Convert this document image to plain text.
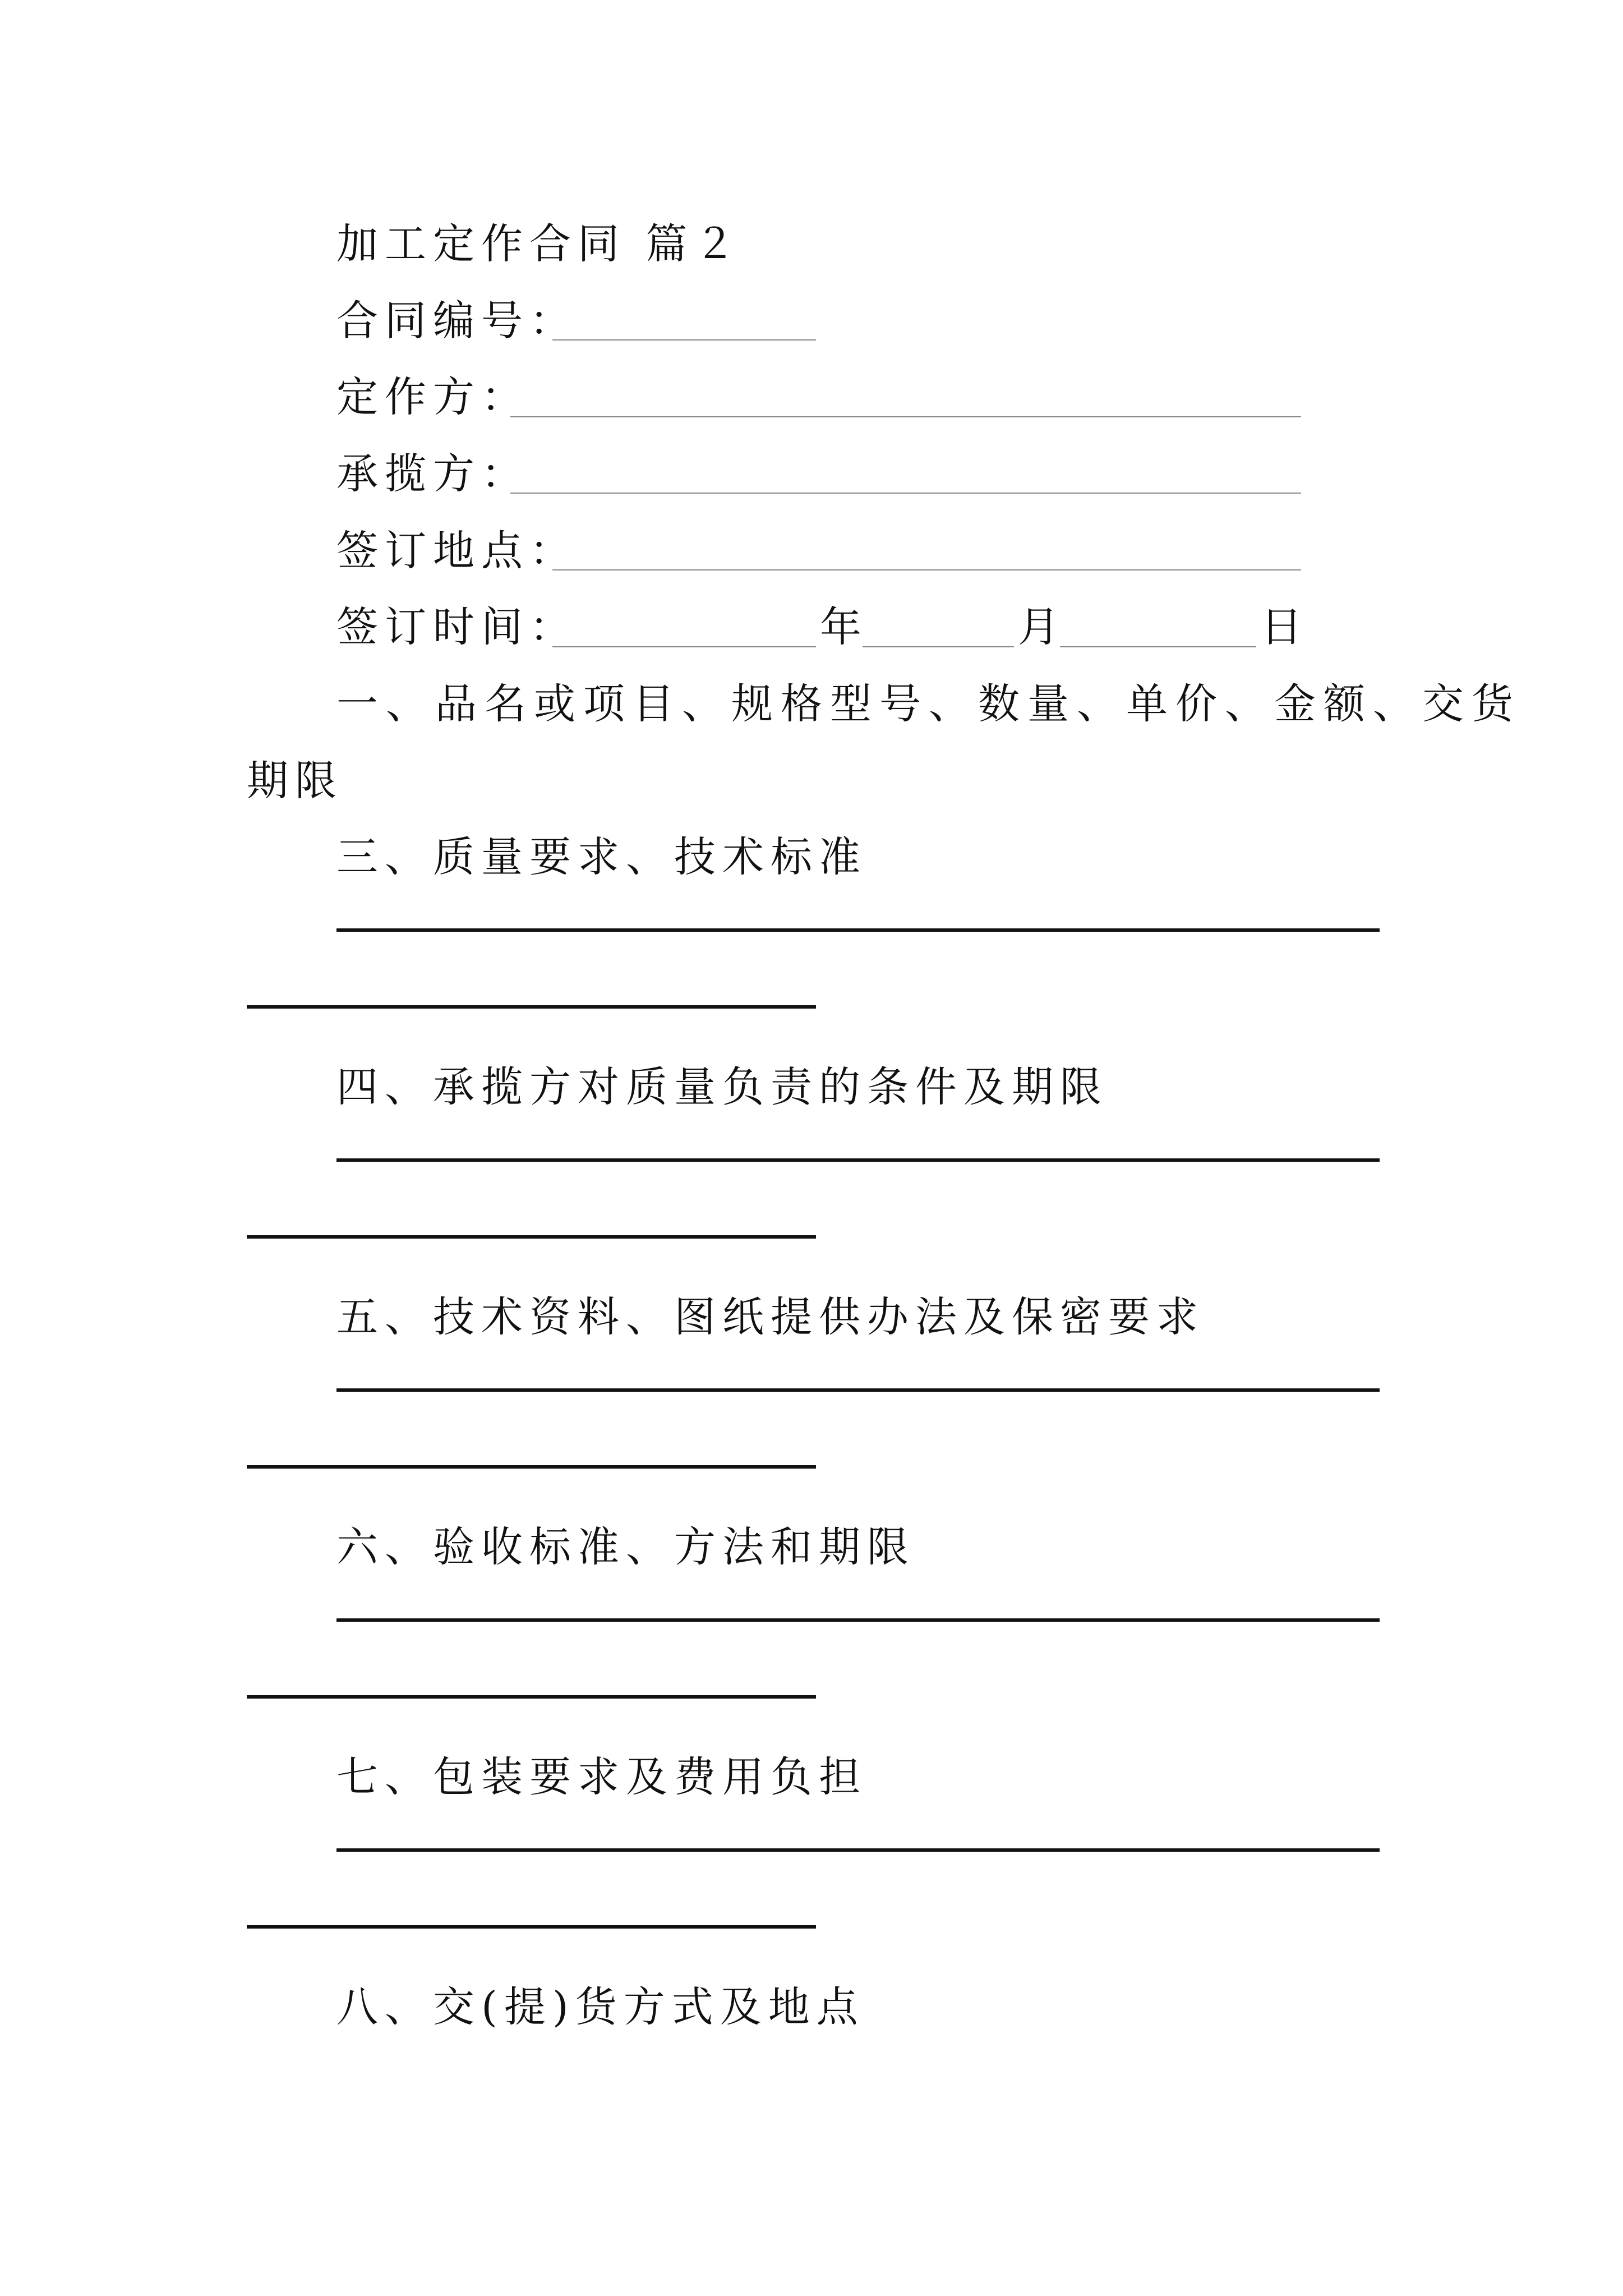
加工定作合同 篇２
合同编号：
定作方：
承揽方：
签订地点：
签订时间：	年	月	日
一、品名或项目、规格型号、数量、单价、金额、交货
期限
三、质量要求、技术标准
四、承揽方对质量负责的条件及期限
五、技术资料、图纸提供办法及保密要求
六、验收标准、方法和期限
七、包装要求及费用负担
八、交(提)货方式及地点
